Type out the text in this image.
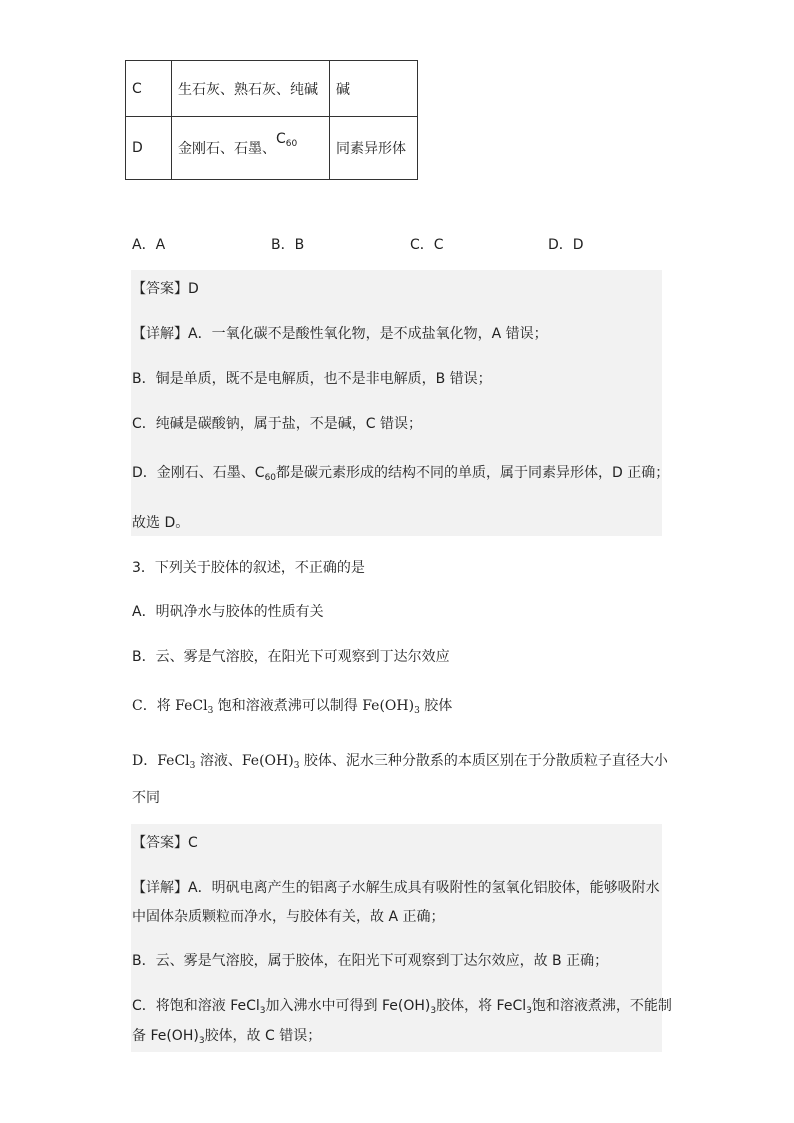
C	生石灰、熟石灰、纯碱	碱
D	金刚石、石墨、$C_{60}$	同素异形体
A．A	B．B	C．C	D．D
【答案】D
【详解】A．一氧化碳不是酸性氧化物，是不成盐氧化物，A 错误；
B．铜是单质，既不是电解质，也不是非电解质，B 错误；
C．纯碱是碳酸钠，属于盐，不是碱，C 错误；
D．金刚石、石墨、$C_{60}$都是碳元素形成的结构不同的单质，属于同素异形体，D 正确；
故选 D。
3．下列关于胶体的叙述，不正确的是
A．明矾净水与胶体的性质有关
B．云、雾是气溶胶，在阳光下可观察到丁达尔效应
C．将 FeCl$_3$ 饱和溶液煮沸可以制得 $Fe(OH)_3$ 胶体
D．FeCl$_3$ 溶液、$Fe(OH)_3$ 胶体、泥水三种分散系的本质区别在于分散质粒子直径大小
不同
【答案】C
【详解】A．明矾电离产生的铝离子水解生成具有吸附性的氢氧化铝胶体，能够吸附水
中固体杂质颗粒而净水，与胶体有关，故 A 正确；
B．云、雾是气溶胶，属于胶体，在阳光下可观察到丁达尔效应，故 B 正确；
C．将饱和溶液 FeCl$_3$加入沸水中可得到 $Fe(OH)_3$胶体，将 FeCl$_3$饱和溶液煮沸，不能制
备 $Fe(OH)_3$胶体，故 C 错误；
